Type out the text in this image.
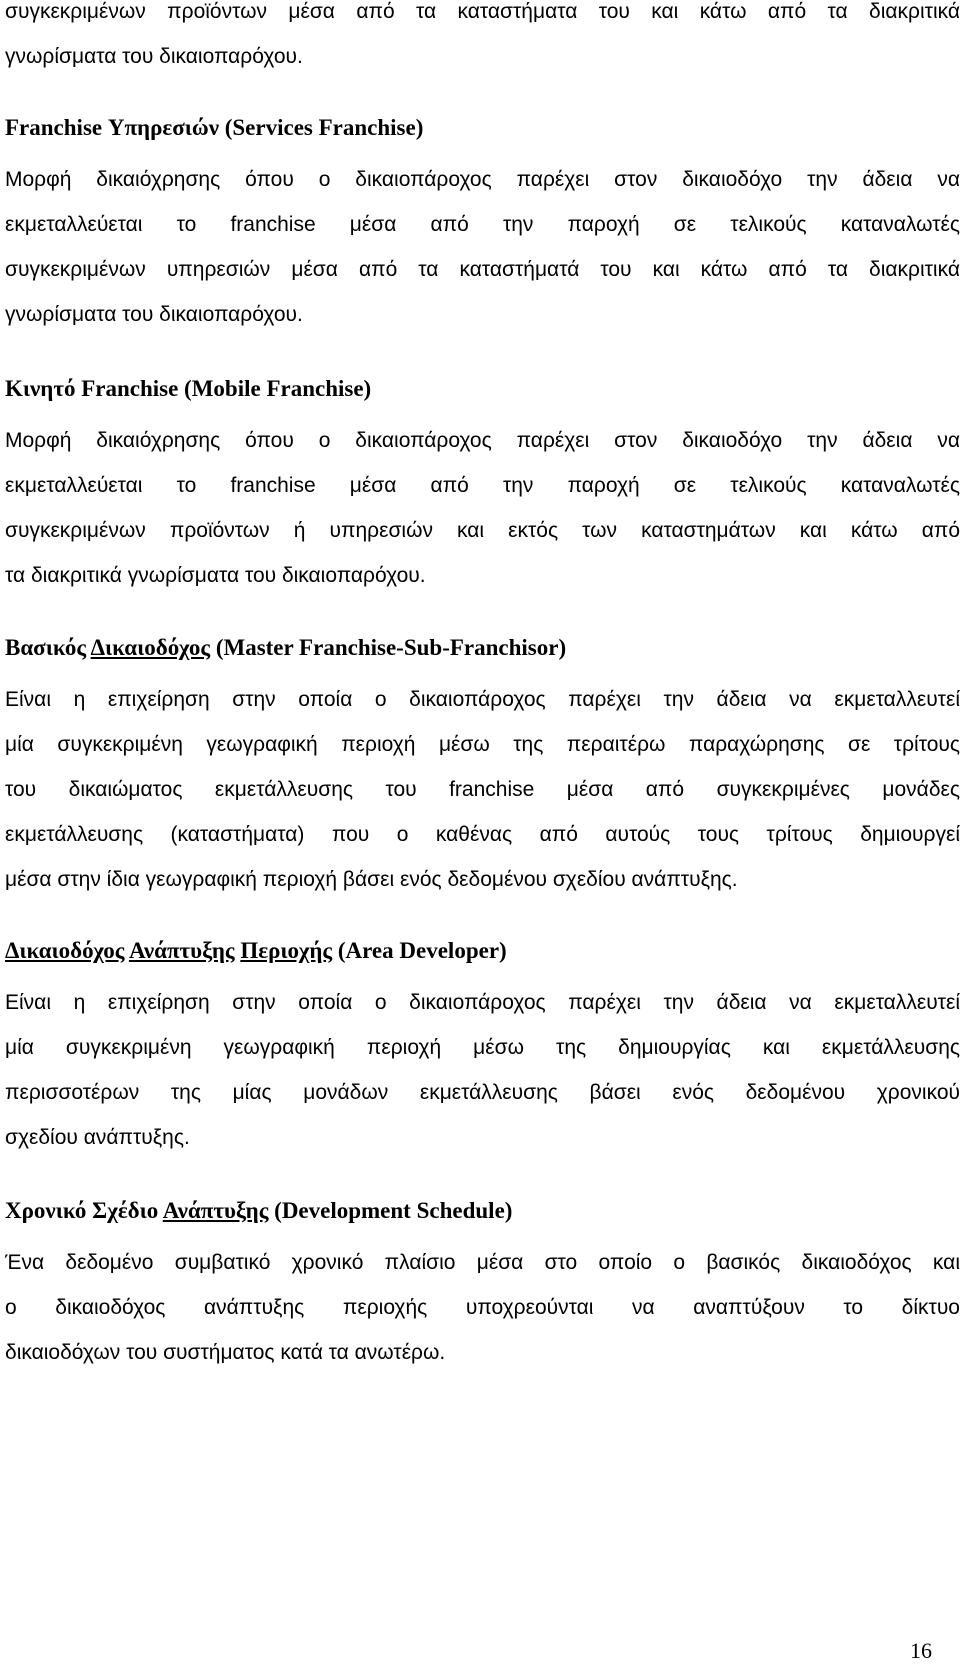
συγκεκριμένων προϊόντων μέσα από τα καταστήματα του και κάτω από τα διακριτικά
γνωρίσματα του δικαιοπαρόχου.
Franchise Υπηρεσιών (Services Franchise)
Μορφή δικαιόχρησης όπου ο δικαιοπάροχος παρέχει στον δικαιοδόχο την άδεια να
εκμεταλλεύεται το franchise μέσα από την παροχή σε τελικούς καταναλωτές
συγκεκριμένων υπηρεσιών μέσα από τα καταστήματά του και κάτω από τα διακριτικά
γνωρίσματα του δικαιοπαρόχου.
Κινητό Franchise (Mobile Franchise)
Μορφή δικαιόχρησης όπου ο δικαιοπάροχος παρέχει στον δικαιοδόχο την άδεια να
εκμεταλλεύεται το franchise μέσα από την παροχή σε τελικούς καταναλωτές
συγκεκριμένων προϊόντων ή υπηρεσιών και εκτός των καταστημάτων και κάτω από
τα διακριτικά γνωρίσματα του δικαιοπαρόχου.
Βασικός Δικαιοδόχος (Master Franchise-Sub-Franchisor)
Είναι η επιχείρηση στην οποία ο δικαιοπάροχος παρέχει την άδεια να εκμεταλλευτεί
μία συγκεκριμένη γεωγραφική περιοχή μέσω της περαιτέρω παραχώρησης σε τρίτους
του δικαιώματος εκμετάλλευσης του franchise μέσα από συγκεκριμένες μονάδες
εκμετάλλευσης (καταστήματα) που ο καθένας από αυτούς τους τρίτους δημιουργεί
μέσα στην ίδια γεωγραφική περιοχή βάσει ενός δεδομένου σχεδίου ανάπτυξης.
Δικαιοδόχος Ανάπτυξης Περιοχής (Area Developer)
Είναι η επιχείρηση στην οποία ο δικαιοπάροχος παρέχει την άδεια να εκμεταλλευτεί
μία συγκεκριμένη γεωγραφική περιοχή μέσω της δημιουργίας και εκμετάλλευσης
περισσοτέρων της μίας μονάδων εκμετάλλευσης βάσει ενός δεδομένου χρονικού
σχεδίου ανάπτυξης.
Χρονικό Σχέδιο Ανάπτυξης (Development Schedule)
Ένα δεδομένο συμβατικό χρονικό πλαίσιο μέσα στο οποίο ο βασικός δικαιοδόχος και
ο δικαιοδόχος ανάπτυξης περιοχής υποχρεούνται να αναπτύξουν το δίκτυο
δικαιοδόχων του συστήματος κατά τα ανωτέρω.
16
